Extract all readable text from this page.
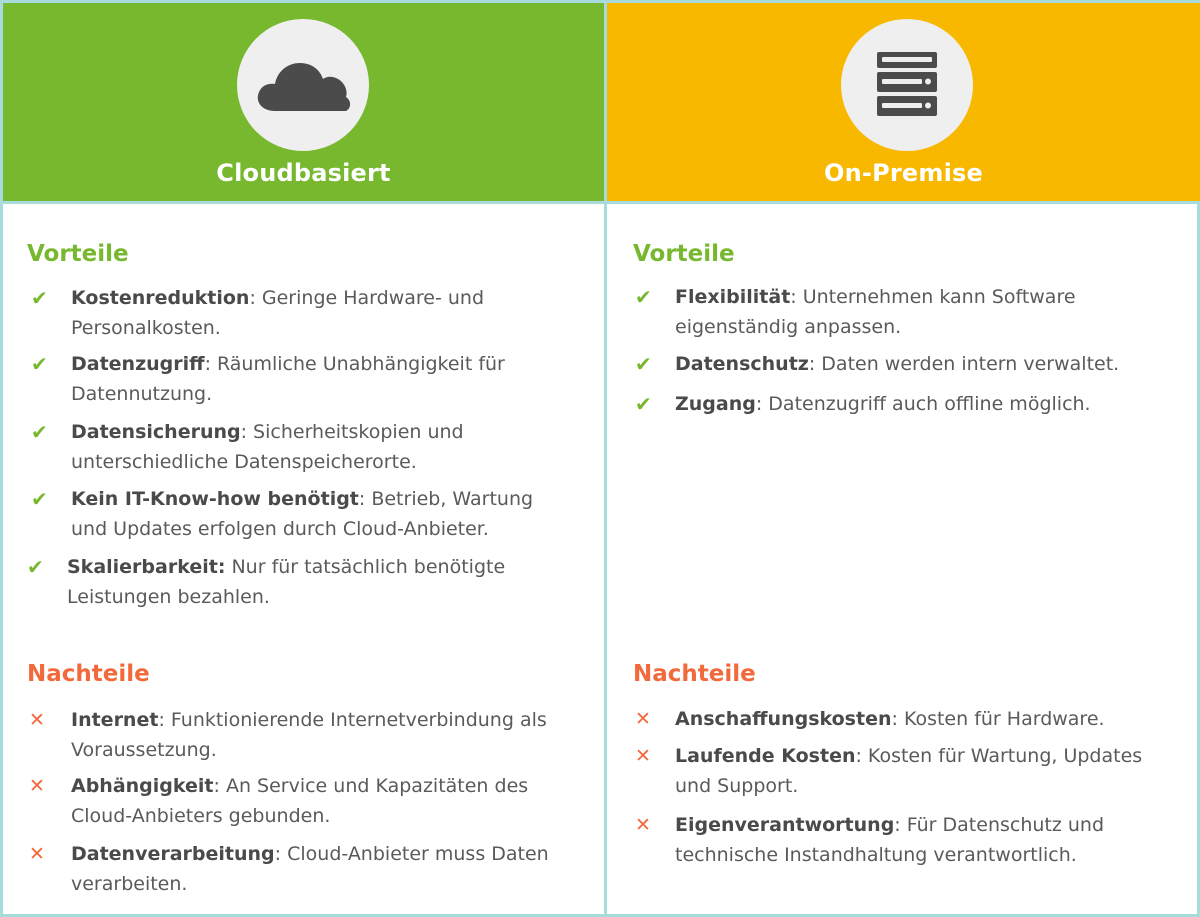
Cloudbasiert
Vorteile
✔ Kostenreduktion: Geringe Hardware- und
Personalkosten.
✔ Datenzugriff: Räumliche Unabhängigkeit für
Datennutzung.
✔ Datensicherung: Sicherheitskopien und
unterschiedliche Datenspeicherorte.
✔ Kein IT-Know-how benötigt: Betrieb, Wartung
und Updates erfolgen durch Cloud-Anbieter.
✔ Skalierbarkeit: Nur für tatsächlich benötigte
Leistungen bezahlen.
Nachteile
✕ Internet: Funktionierende Internetverbindung als
Voraussetzung.
✕ Abhängigkeit: An Service und Kapazitäten des
Cloud-Anbieters gebunden.
✕ Datenverarbeitung: Cloud-Anbieter muss Daten
verarbeiten.
On-Premise
Vorteile
✔ Flexibilität: Unternehmen kann Software
eigenständig anpassen.
✔ Datenschutz: Daten werden intern verwaltet.
✔ Zugang: Datenzugriff auch offline möglich.
Nachteile
✕ Anschaffungskosten: Kosten für Hardware.
✕ Laufende Kosten: Kosten für Wartung, Updates
und Support.
✕ Eigenverantwortung: Für Datenschutz und
technische Instandhaltung verantwortlich.
